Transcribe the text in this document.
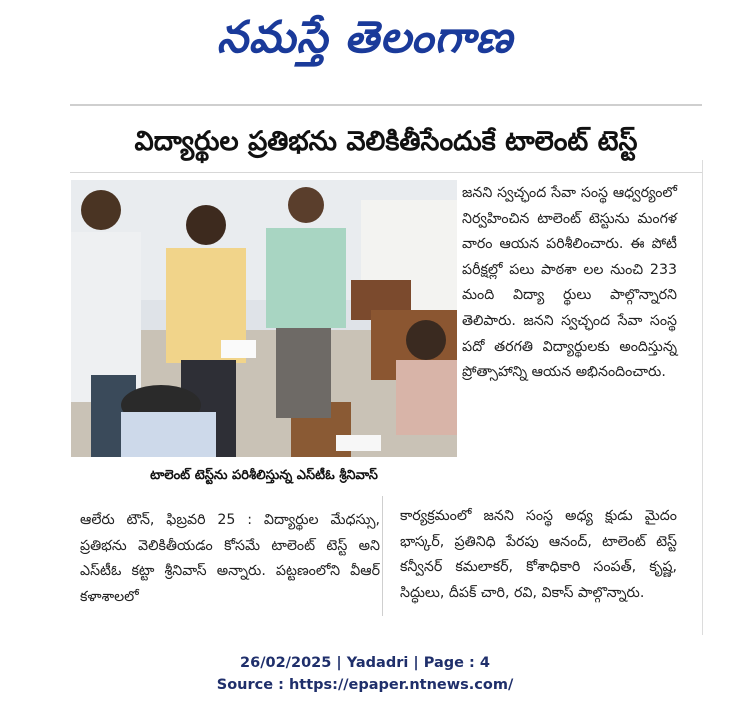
నమస్తే తెలంగాణ
విద్యార్థుల ప్రతిభను వెలికితీసేందుకే టాలెంట్ టెస్ట్
టాలెంట్ టెస్ట్‌ను పరిశీలిస్తున్న ఎస్‌టీఓ శ్రీనివాస్

జనని స్వచ్ఛంద సేవా సంస్థ ఆధ్వర్యంలో నిర్వహించిన టాలెంట్ టెస్టును మంగళ వారం ఆయన పరిశీలించారు. ఈ పోటీ పరీక్షల్లో పలు పాఠశా లల నుంచి 233 మంది విద్యా ర్థులు పాల్గొన్నారని తెలిపారు. జనని స్వచ్ఛంద సేవా సంస్థ పదో తరగతి విద్యార్థులకు అందిస్తున్న ప్రోత్సాహాన్ని ఆయన అభినందించారు.

కార్యక్రమంలో జనని సంస్థ అధ్య క్షుడు మైదం భాస్కర్, ప్రతినిధి పేరపు ఆనంద్, టాలెంట్ టెస్ట్ కన్వీనర్ కమలాకర్, కోశాధికారి సంపత్, కృష్ణ, సిద్ధులు, దీపక్ చారి, రవి, వికాస్ పాల్గొన్నారు.

ఆలేరు టౌన్, ఫిబ్రవరి 25 : విద్యార్థుల మేధస్సు, ప్రతిభను వెలికితీయడం కోసమే టాలెంట్ టెస్ట్ అని ఎస్‌టీఓ కట్టా శ్రీనివాస్ అన్నారు. పట్టణంలోని వీఆర్ కళాశాలలో

26/02/2025 | Yadadri | Page : 4
Source : https://epaper.ntnews.com/
